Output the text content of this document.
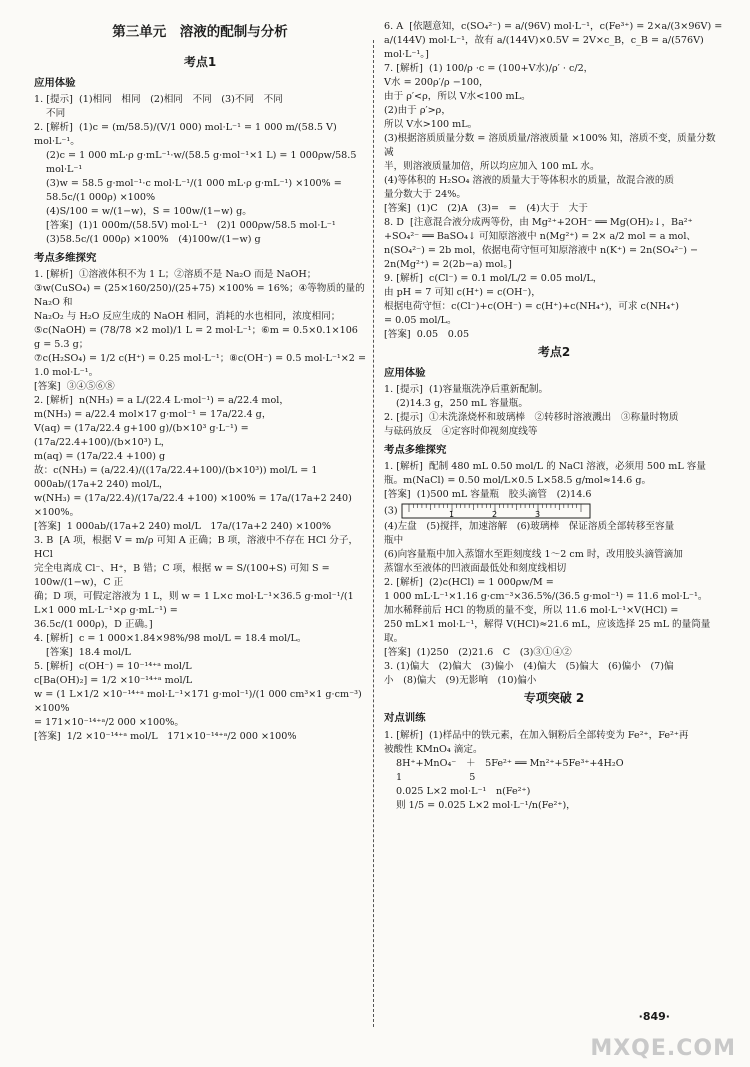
第三单元　溶液的配制与分析
考点1
应用体验
1. [提示]  (1)相同　相同　(2)相同　不同　(3)不同　不同
不同
2. [解析]  (1)c = (m/58.5)/(V/1 000) mol·L⁻¹ = 1 000 m/(58.5 V) mol·L⁻¹。
(2)c = 1 000 mL·ρ g·mL⁻¹·w/(58.5 g·mol⁻¹×1 L) = 1 000ρw/58.5 mol·L⁻¹
(3)w = 58.5 g·mol⁻¹·c mol·L⁻¹/(1 000 mL·ρ g·mL⁻¹) ×100% = 58.5c/(1 000ρ) ×100%
(4)S/100 = w/(1−w)，S = 100w/(1−w) g。
[答案]  (1)1 000m/(58.5V) mol·L⁻¹　(2)1 000ρw/58.5 mol·L⁻¹
(3)58.5c/(1 000ρ) ×100%　(4)100w/(1−w) g
考点多维探究
1. [解析]  ①溶液体积不为 1 L；②溶质不是 Na₂O 而是 NaOH；
③w(CuSO₄) = (25×160/250)/(25+75) ×100% = 16%；④等物质的量的 Na₂O 和
Na₂O₂ 与 H₂O 反应生成的 NaOH 相同，消耗的水也相同，浓度相同；
⑤c(NaOH) = (78/78 ×2 mol)/1 L = 2 mol·L⁻¹；⑥m = 0.5×0.1×106 g = 5.3 g；
⑦c(H₂SO₄) = 1/2 c(H⁺) = 0.25 mol·L⁻¹；⑧c(OH⁻) = 0.5 mol·L⁻¹×2 = 1.0 mol·L⁻¹。
[答案]  ③④⑤⑥⑧
2. [解析]  n(NH₃) = a L/(22.4 L·mol⁻¹) = a/22.4 mol，
m(NH₃) = a/22.4 mol×17 g·mol⁻¹ = 17a/22.4 g，
V(aq) = (17a/22.4 g+100 g)/(b×10³ g·L⁻¹) = (17a/22.4+100)/(b×10³) L，
m(aq) = (17a/22.4 +100) g
故：c(NH₃) = (a/22.4)/((17a/22.4+100)/(b×10³)) mol/L = 1 000ab/(17a+2 240) mol/L，
w(NH₃) = (17a/22.4)/(17a/22.4 +100) ×100% = 17a/(17a+2 240) ×100%。
[答案]  1 000ab/(17a+2 240) mol/L　17a/(17a+2 240) ×100%
3. B  [A 项，根据 V = m/ρ 可知 A 正确；B 项，溶液中不存在 HCl 分子，HCl
完全电离成 Cl⁻、H⁺，B 错；C 项，根据 w = S/(100+S) 可知 S = 100w/(1−w)，C 正
确；D 项，可假定溶液为 1 L，则 w = 1 L×c mol·L⁻¹×36.5 g·mol⁻¹/(1 L×1 000 mL·L⁻¹×ρ g·mL⁻¹) =
36.5c/(1 000ρ)，D 正确。]
4. [解析]  c = 1 000×1.84×98%/98 mol/L = 18.4 mol/L。
[答案]  18.4 mol/L
5. [解析]  c(OH⁻) = 10⁻¹⁴⁺ᵃ mol/L
c[Ba(OH)₂] = 1/2 ×10⁻¹⁴⁺ᵃ mol/L
w = (1 L×1/2 ×10⁻¹⁴⁺ᵃ mol·L⁻¹×171 g·mol⁻¹)/(1 000 cm³×1 g·cm⁻³) ×100%
= 171×10⁻¹⁴⁺ᵃ/2 000 ×100%。
[答案]  1/2 ×10⁻¹⁴⁺ᵃ mol/L　171×10⁻¹⁴⁺ᵃ/2 000 ×100%
6. A  [依题意知，c(SO₄²⁻) = a/(96V) mol·L⁻¹，c(Fe³⁺) = 2×a/(3×96V) = a/(144V) mol·L⁻¹，故有 a/(144V)×0.5V = 2V×c_B，c_B = a/(576V) mol·L⁻¹。]
7. [解析]  (1) 100/ρ ·c = (100+V水)/ρ′ · c/2，
V水 = 200ρ′/ρ −100，
由于 ρ′<ρ，所以 V水<100 mL。
(2)由于 ρ′>ρ，
所以 V水>100 mL。
(3)根据溶质质量分数 = 溶质质量/溶液质量 ×100% 知，溶质不变，质量分数减
半，则溶液质量加倍，所以均应加入 100 mL 水。
(4)等体积的 H₂SO₄ 溶液的质量大于等体积水的质量，故混合液的质
量分数大于 24%。
[答案]  (1)C　(2)A　(3)=　=　(4)大于　大于
8. D  [注意混合液分成两等份，由 Mg²⁺+2OH⁻ ══ Mg(OH)₂↓，Ba²⁺
+SO₄²⁻ ══ BaSO₄↓ 可知原溶液中 n(Mg²⁺) = 2× a/2 mol = a mol、
n(SO₄²⁻) = 2b mol，依据电荷守恒可知原溶液中 n(K⁺) = 2n(SO₄²⁻) −
2n(Mg²⁺) = 2(2b−a) mol。]
9. [解析]  c(Cl⁻) = 0.1 mol/L/2 = 0.05 mol/L，
由 pH = 7 可知 c(H⁺) = c(OH⁻)，
根据电荷守恒：c(Cl⁻)+c(OH⁻) = c(H⁺)+c(NH₄⁺)，可求 c(NH₄⁺)
= 0.05 mol/L。
[答案]  0.05　0.05
考点2
应用体验
1. [提示]  (1)容量瓶洗净后重新配制。
(2)14.3 g，250 mL 容量瓶。
2. [提示]  ①未洗涤烧杯和玻璃棒　②转移时溶液溅出　③称量时物质
与砝码放反　④定容时仰视刻度线等
考点多维探究
1. [解析]  配制 480 mL 0.50 mol/L 的 NaCl 溶液，必须用 500 mL 容量
瓶。m(NaCl) = 0.50 mol/L×0.5 L×58.5 g/mol≈14.6 g。
[答案]  (1)500 mL 容量瓶　胶头滴管　(2)14.6
(3)	1	2	3
(4)左盘　(5)搅拌，加速溶解　(6)玻璃棒　保证溶质全部转移至容量
瓶中
(6)向容量瓶中加入蒸馏水至距刻度线 1～2 cm 时，改用胶头滴管滴加
蒸馏水至液体的凹液面最低处和刻度线相切
2. [解析]  (2)c(HCl) = 1 000ρw/M =
1 000 mL·L⁻¹×1.16 g·cm⁻³×36.5%/(36.5 g·mol⁻¹) = 11.6 mol·L⁻¹。
加水稀释前后 HCl 的物质的量不变，所以 11.6 mol·L⁻¹×V(HCl) =
250 mL×1 mol·L⁻¹，解得 V(HCl)≈21.6 mL，应该选择 25 mL 的量筒量
取。
[答案]  (1)250　(2)21.6　C　(3)③①④②
3. (1)偏大　(2)偏大　(3)偏小　(4)偏大　(5)偏大　(6)偏小　(7)偏
小　(8)偏大　(9)无影响　(10)偏小
专项突破 2
对点训练
1. [解析]  (1)样品中的铁元素，在加入铜粉后全部转变为 Fe²⁺，Fe²⁺再
被酸性 KMnO₄ 滴定。
8H⁺+MnO₄⁻　＋　5Fe²⁺ ══ Mn²⁺+5Fe³⁺+4H₂O
1　　　　　　　5
0.025 L×2 mol·L⁻¹　n(Fe²⁺)
则 1/5 = 0.025 L×2 mol·L⁻¹/n(Fe²⁺)，
·849·
MXQE.COM
